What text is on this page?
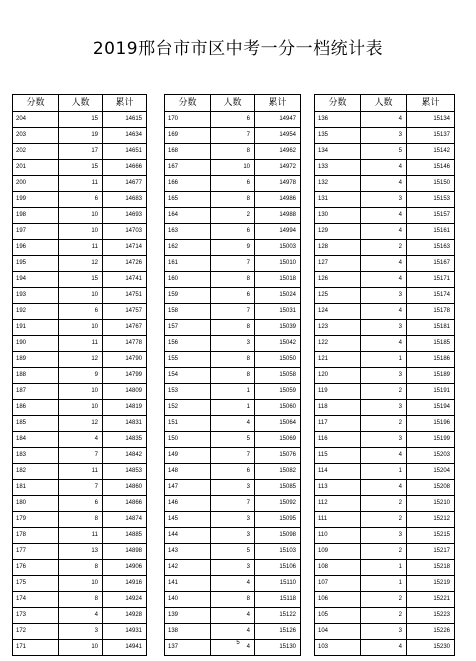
2019邢台市市区中考一分一档统计表
分数	人数	累计
204	15	14615
203	19	14634
202	17	14651
201	15	14666
200	11	14677
199	6	14683
198	10	14693
197	10	14703
196	11	14714
195	12	14726
194	15	14741
193	10	14751
192	6	14757
191	10	14767
190	11	14778
189	12	14790
188	9	14799
187	10	14809
186	10	14819
185	12	14831
184	4	14835
183	7	14842
182	11	14853
181	7	14860
180	6	14866
179	8	14874
178	11	14885
177	13	14898
176	8	14906
175	10	14916
174	8	14924
173	4	14928
172	3	14931
171	10	14941
分数	人数	累计
170	6	14947
169	7	14954
168	8	14962
167	10	14972
166	6	14978
165	8	14986
164	2	14988
163	6	14994
162	9	15003
161	7	15010
160	8	15018
159	6	15024
158	7	15031
157	8	15039
156	3	15042
155	8	15050
154	8	15058
153	1	15059
152	1	15060
151	4	15064
150	5	15069
149	7	15076
148	6	15082
147	3	15085
146	7	15092
145	3	15095
144	3	15098
143	5	15103
142	3	15106
141	4	15110
140	8	15118
139	4	15122
138	4	15126
137	4	15130
分数	人数	累计
136	4	15134
135	3	15137
134	5	15142
133	4	15146
132	4	15150
131	3	15153
130	4	15157
129	4	15161
128	2	15163
127	4	15167
126	4	15171
125	3	15174
124	4	15178
123	3	15181
122	4	15185
121	1	15186
120	3	15189
119	2	15191
118	3	15194
117	2	15196
116	3	15199
115	4	15203
114	1	15204
113	4	15208
112	2	15210
111	2	15212
110	3	15215
109	2	15217
108	1	15218
107	1	15219
106	2	15221
105	2	15223
104	3	15226
103	4	15230
5
